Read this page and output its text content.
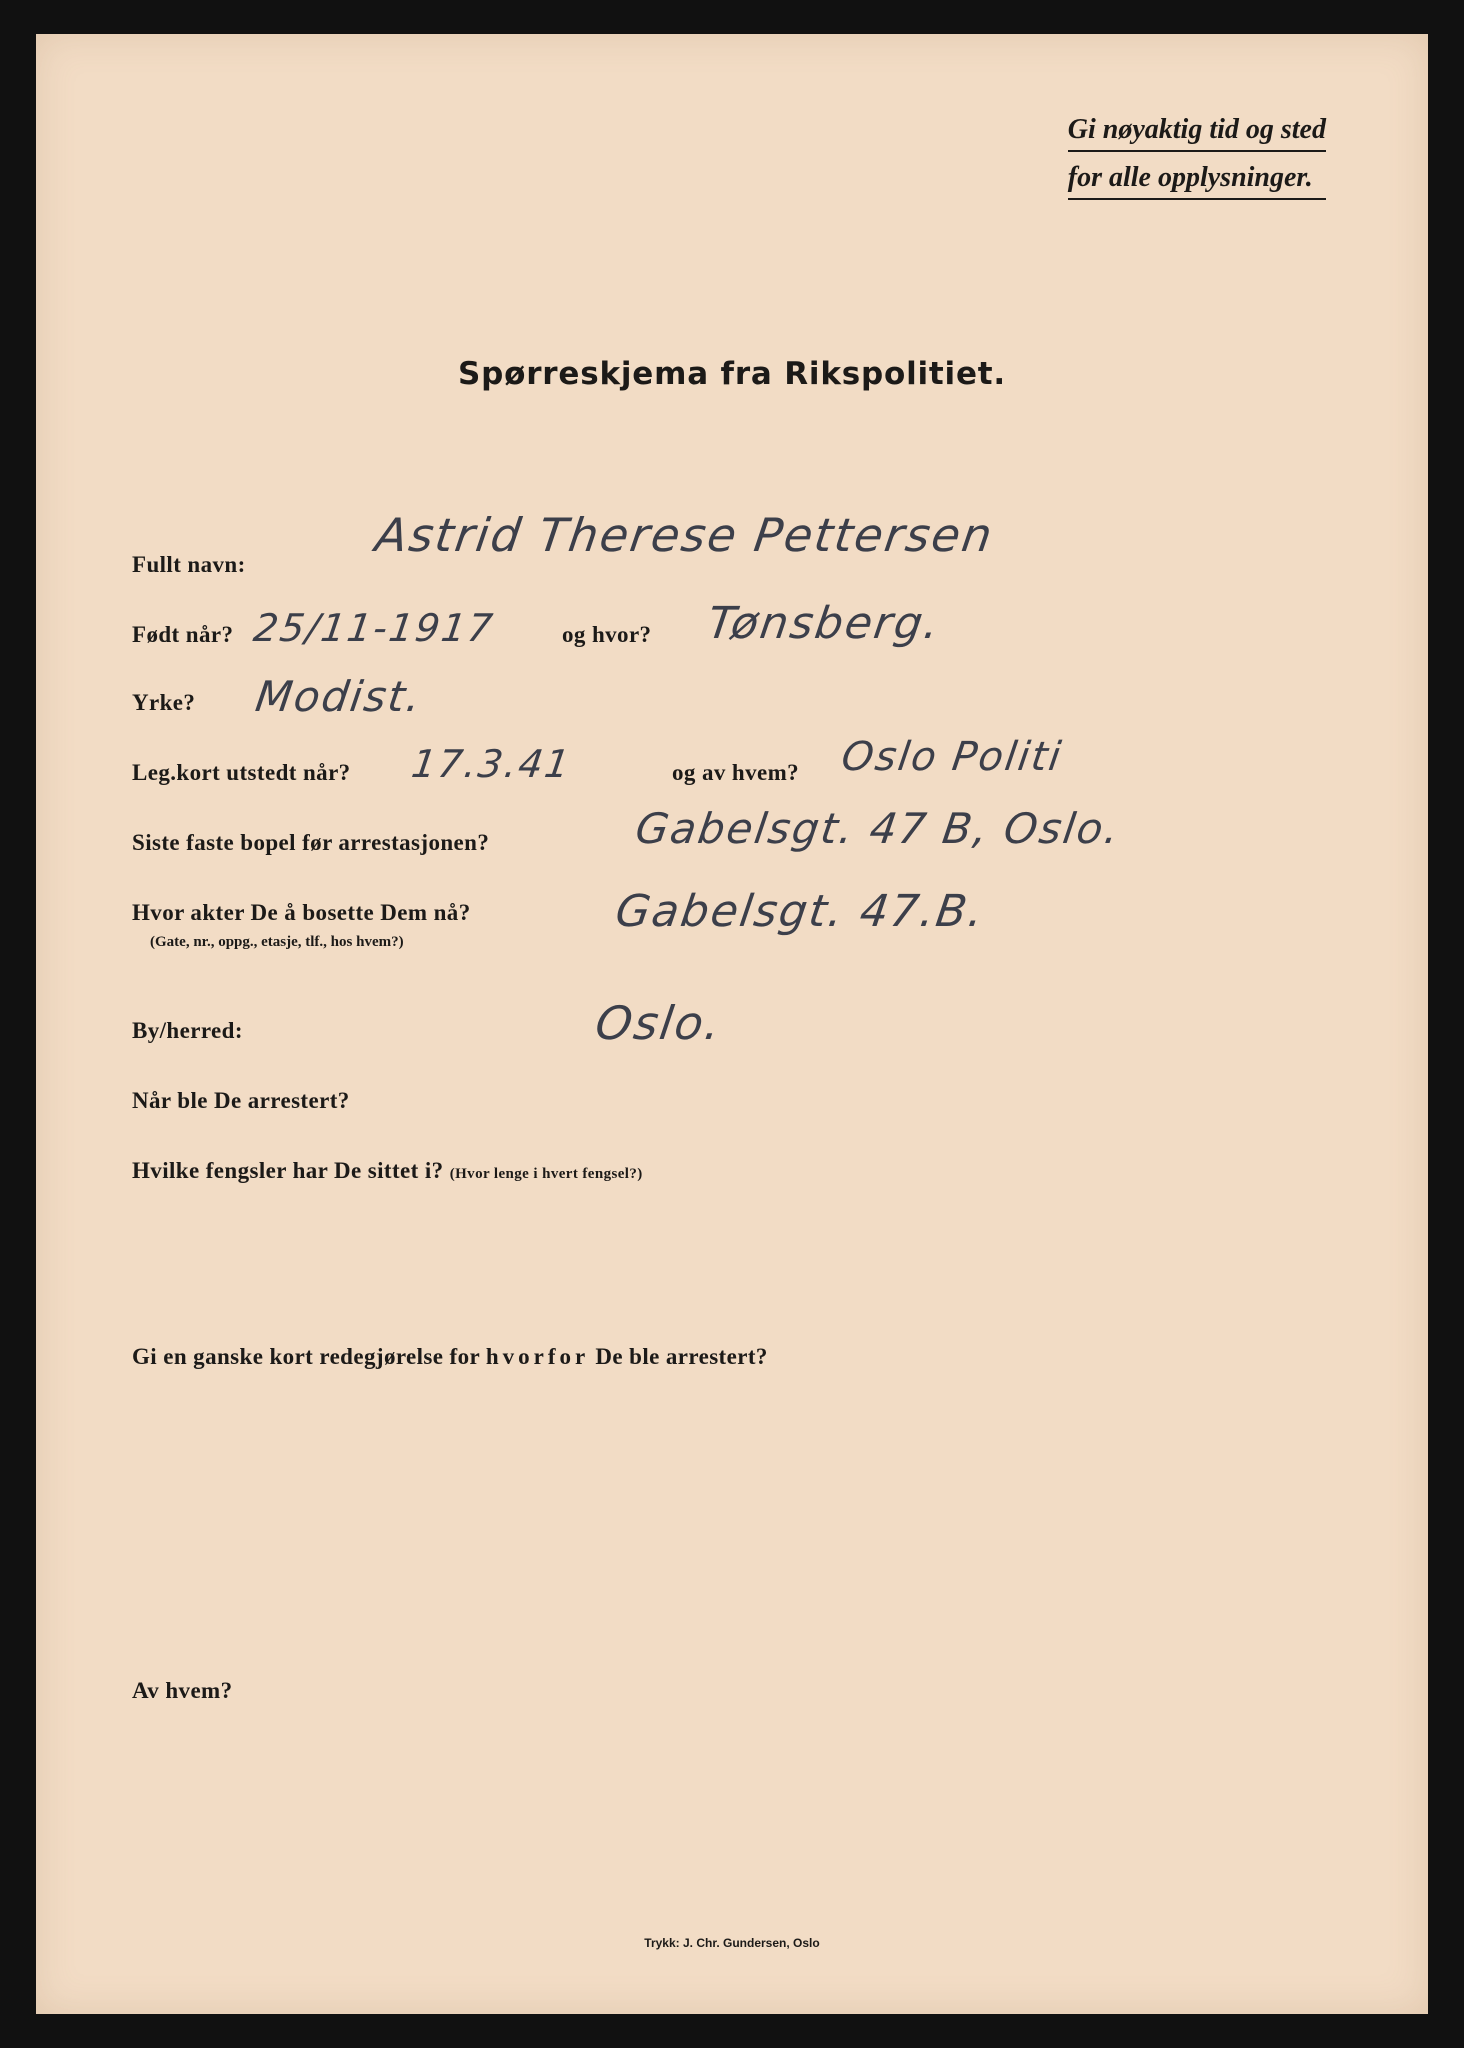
Gi nøyaktig tid og sted
for alle opplysninger.
Spørreskjema fra Rikspolitiet.
Fullt navn:
Astrid Therese Pettersen
Født når? 25/11-1917	og hvor? Tønsberg.
Yrke? Modist.
Leg.kort utstedt når? 17.3.41	og av hvem? Oslo Politi
Siste faste bopel før arrestasjonen?	Gabelsgt. 47 B, Oslo.
Hvor akter De å bosette Dem nå?
(Gate, nr., oppg., etasje, tlf., hos hvem?)
Gabelsgt. 47.B.
By/herred:	Oslo.
Når ble De arrestert?
Hvilke fengsler har De sittet i? (Hvor lenge i hvert fengsel?)
Gi en ganske kort redegjørelse for hvorfor De ble arrestert?
Av hvem?
Trykk: J. Chr. Gundersen, Oslo
